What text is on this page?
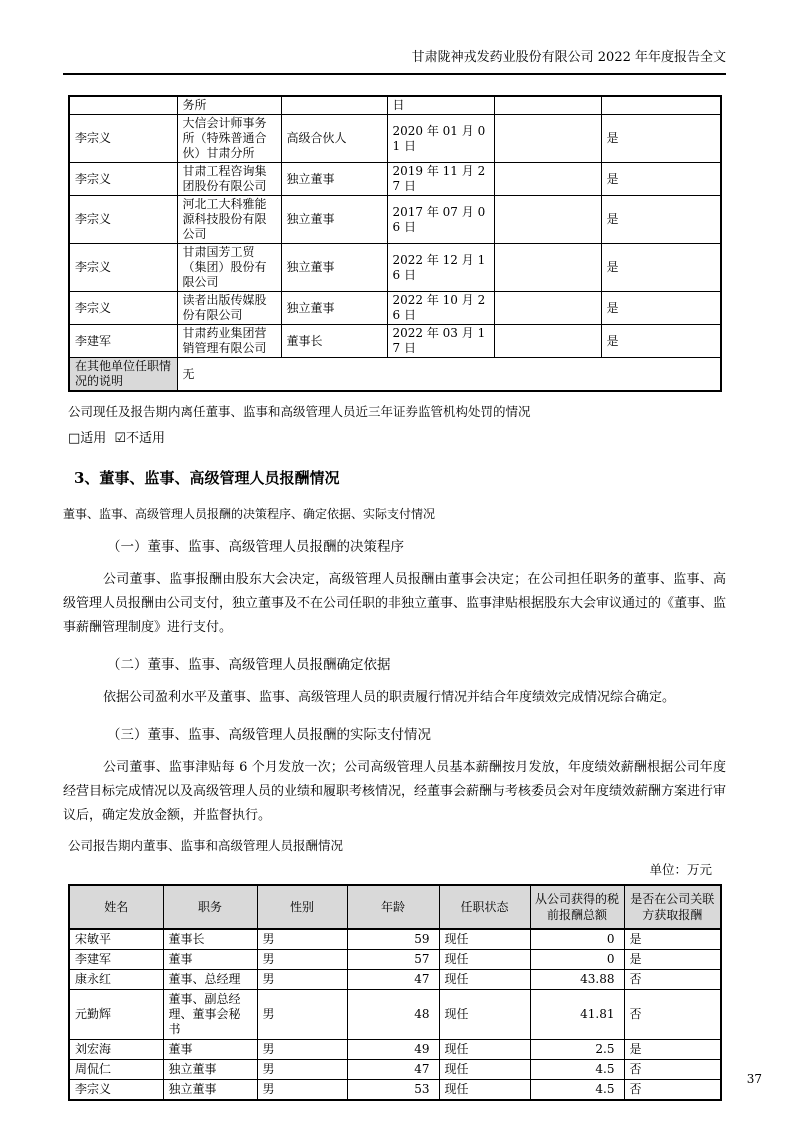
甘肃陇神戎发药业股份有限公司 2022 年年度报告全文
	务所		日		
李宗义	大信会计师事务所（特殊普通合伙）甘肃分所	高级合伙人	2020 年 01 月 01 日		是
李宗义	甘肃工程咨询集团股份有限公司	独立董事	2019 年 11 月 27 日		是
李宗义	河北工大科雅能源科技股份有限公司	独立董事	2017 年 07 月 06 日		是
李宗义	甘肃国芳工贸（集团）股份有限公司	独立董事	2022 年 12 月 16 日		是
李宗义	读者出版传媒股份有限公司	独立董事	2022 年 10 月 26 日		是
李建军	甘肃药业集团营销管理有限公司	董事长	2022 年 03 月 17 日		是
在其他单位任职情况的说明	无				
公司现任及报告期内离任董事、监事和高级管理人员近三年证券监管机构处罚的情况
□适用 ☑不适用
3、董事、监事、高级管理人员报酬情况
董事、监事、高级管理人员报酬的决策程序、确定依据、实际支付情况
（一）董事、监事、高级管理人员报酬的决策程序
公司董事、监事报酬由股东大会决定，高级管理人员报酬由董事会决定；在公司担任职务的董事、监事、高级管理人员报酬由公司支付，独立董事及不在公司任职的非独立董事、监事津贴根据股东大会审议通过的《董事、监事薪酬管理制度》进行支付。
（二）董事、监事、高级管理人员报酬确定依据
依据公司盈利水平及董事、监事、高级管理人员的职责履行情况并结合年度绩效完成情况综合确定。
（三）董事、监事、高级管理人员报酬的实际支付情况
公司董事、监事津贴每 6 个月发放一次；公司高级管理人员基本薪酬按月发放，年度绩效薪酬根据公司年度经营目标完成情况以及高级管理人员的业绩和履职考核情况，经董事会薪酬与考核委员会对年度绩效薪酬方案进行审议后，确定发放金额，并监督执行。
公司报告期内董事、监事和高级管理人员报酬情况
单位：万元
姓名	职务	性别	年龄	任职状态	从公司获得的税前报酬总额	是否在公司关联方获取报酬
宋敏平	董事长	男	59	现任	0	是
李建军	董事	男	57	现任	0	是
康永红	董事、总经理	男	47	现任	43.88	否
元勤辉	董事、副总经理、董事会秘书	男	48	现任	41.81	否
刘宏海	董事	男	49	现任	2.5	是
周侃仁	独立董事	男	47	现任	4.5	否
李宗义	独立董事	男	53	现任	4.5	否
37
